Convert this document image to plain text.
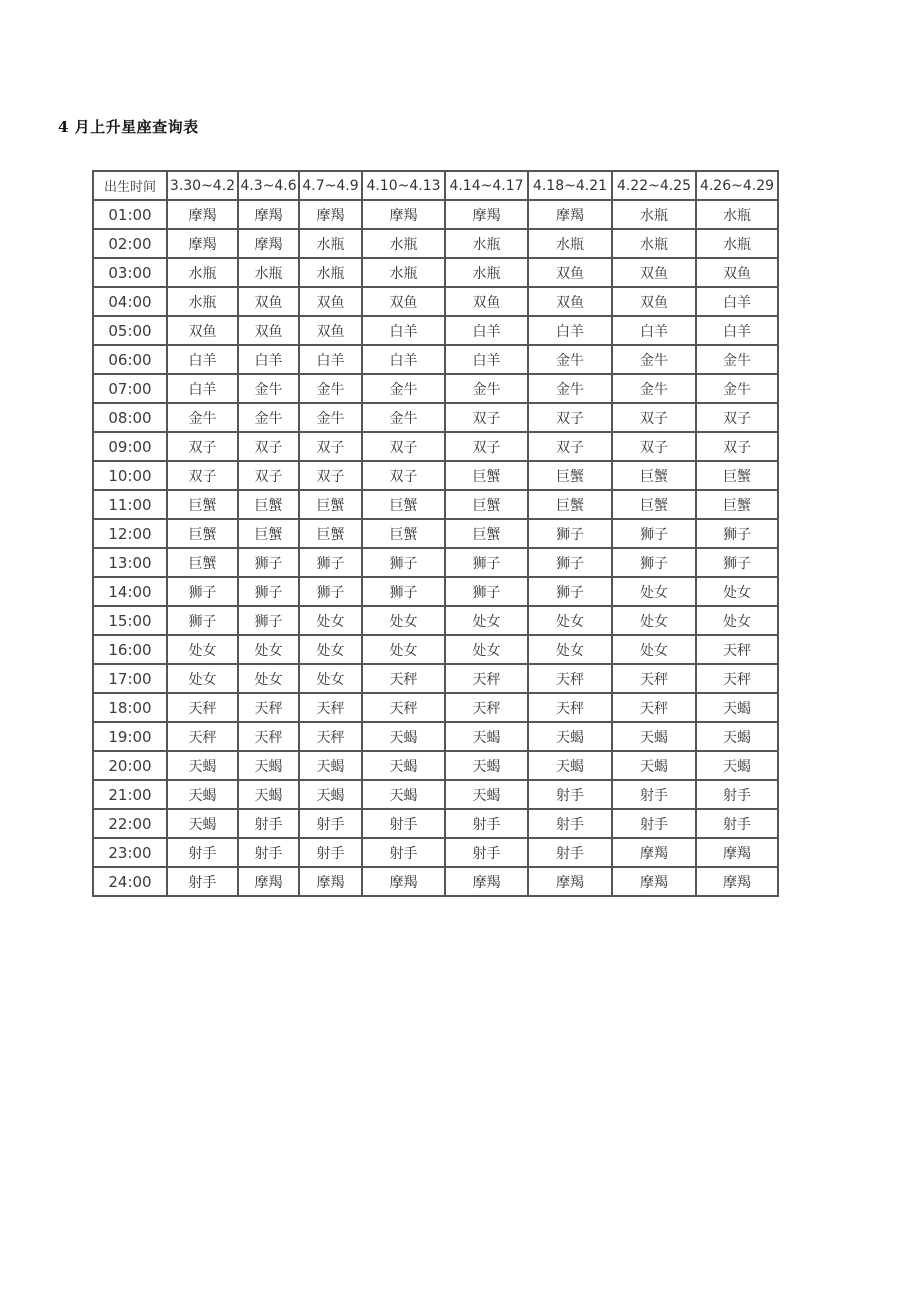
4 月上升星座查询表
出生时间	3.30~4.2	4.3~4.6	4.7~4.9	4.10~4.13	4.14~4.17	4.18~4.21	4.22~4.25	4.26~4.29
01:00	摩羯	摩羯	摩羯	摩羯	摩羯	摩羯	水瓶	水瓶
02:00	摩羯	摩羯	水瓶	水瓶	水瓶	水瓶	水瓶	水瓶
03:00	水瓶	水瓶	水瓶	水瓶	水瓶	双鱼	双鱼	双鱼
04:00	水瓶	双鱼	双鱼	双鱼	双鱼	双鱼	双鱼	白羊
05:00	双鱼	双鱼	双鱼	白羊	白羊	白羊	白羊	白羊
06:00	白羊	白羊	白羊	白羊	白羊	金牛	金牛	金牛
07:00	白羊	金牛	金牛	金牛	金牛	金牛	金牛	金牛
08:00	金牛	金牛	金牛	金牛	双子	双子	双子	双子
09:00	双子	双子	双子	双子	双子	双子	双子	双子
10:00	双子	双子	双子	双子	巨蟹	巨蟹	巨蟹	巨蟹
11:00	巨蟹	巨蟹	巨蟹	巨蟹	巨蟹	巨蟹	巨蟹	巨蟹
12:00	巨蟹	巨蟹	巨蟹	巨蟹	巨蟹	狮子	狮子	狮子
13:00	巨蟹	狮子	狮子	狮子	狮子	狮子	狮子	狮子
14:00	狮子	狮子	狮子	狮子	狮子	狮子	处女	处女
15:00	狮子	狮子	处女	处女	处女	处女	处女	处女
16:00	处女	处女	处女	处女	处女	处女	处女	天秤
17:00	处女	处女	处女	天秤	天秤	天秤	天秤	天秤
18:00	天秤	天秤	天秤	天秤	天秤	天秤	天秤	天蝎
19:00	天秤	天秤	天秤	天蝎	天蝎	天蝎	天蝎	天蝎
20:00	天蝎	天蝎	天蝎	天蝎	天蝎	天蝎	天蝎	天蝎
21:00	天蝎	天蝎	天蝎	天蝎	天蝎	射手	射手	射手
22:00	天蝎	射手	射手	射手	射手	射手	射手	射手
23:00	射手	射手	射手	射手	射手	射手	摩羯	摩羯
24:00	射手	摩羯	摩羯	摩羯	摩羯	摩羯	摩羯	摩羯
